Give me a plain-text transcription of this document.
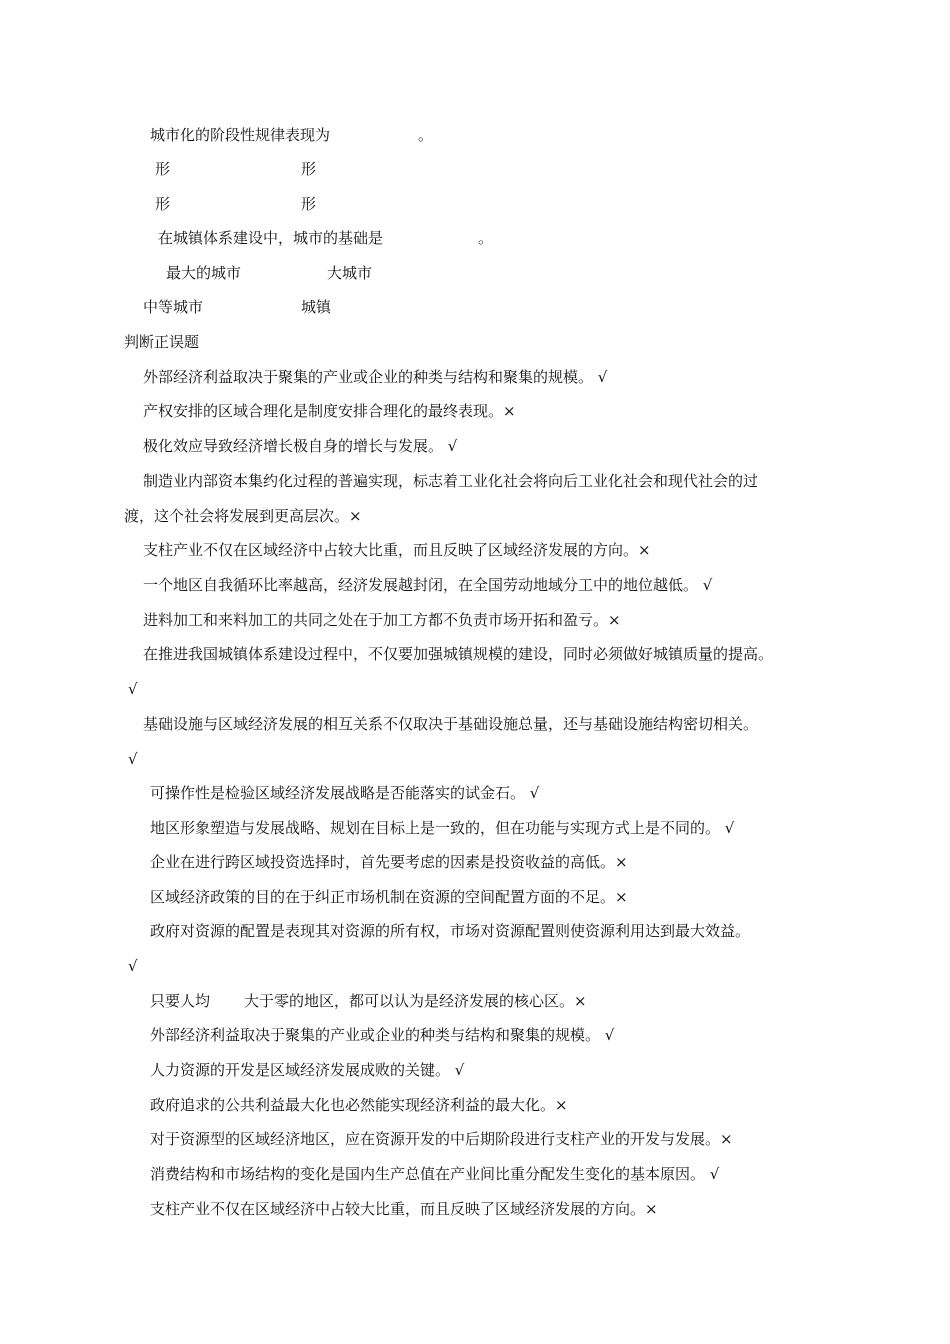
城市化的阶段性规律表现为	。
形	形
形	形
在城镇体系建设中，城市的基础是	。
最大的城市	大城市
中等城市	城镇
判断正误题
外部经济利益取决于聚集的产业或企业的种类与结构和聚集的规模。 √
产权安排的区域合理化是制度安排合理化的最终表现。×
极化效应导致经济增长极自身的增长与发展。 √
制造业内部资本集约化过程的普遍实现，标志着工业化社会将向后工业化社会和现代社会的过
渡，这个社会将发展到更高层次。×
支柱产业不仅在区域经济中占较大比重，而且反映了区域经济发展的方向。×
一个地区自我循环比率越高，经济发展越封闭，在全国劳动地域分工中的地位越低。 √
进料加工和来料加工的共同之处在于加工方都不负责市场开拓和盈亏。×
在推进我国城镇体系建设过程中，不仅要加强城镇规模的建设，同时必须做好城镇质量的提高。
√
基础设施与区域经济发展的相互关系不仅取决于基础设施总量，还与基础设施结构密切相关。
√
可操作性是检验区域经济发展战略是否能落实的试金石。 √
地区形象塑造与发展战略、规划在目标上是一致的，但在功能与实现方式上是不同的。 √
企业在进行跨区域投资选择时，首先要考虑的因素是投资收益的高低。×
区域经济政策的目的在于纠正市场机制在资源的空间配置方面的不足。×
政府对资源的配置是表现其对资源的所有权，市场对资源配置则使资源利用达到最大效益。
√
只要人均 大于零的地区，都可以认为是经济发展的核心区。×
外部经济利益取决于聚集的产业或企业的种类与结构和聚集的规模。 √
人力资源的开发是区域经济发展成败的关键。 √
政府追求的公共利益最大化也必然能实现经济利益的最大化。×
对于资源型的区域经济地区，应在资源开发的中后期阶段进行支柱产业的开发与发展。×
消费结构和市场结构的变化是国内生产总值在产业间比重分配发生变化的基本原因。 √
支柱产业不仅在区域经济中占较大比重，而且反映了区域经济发展的方向。×
